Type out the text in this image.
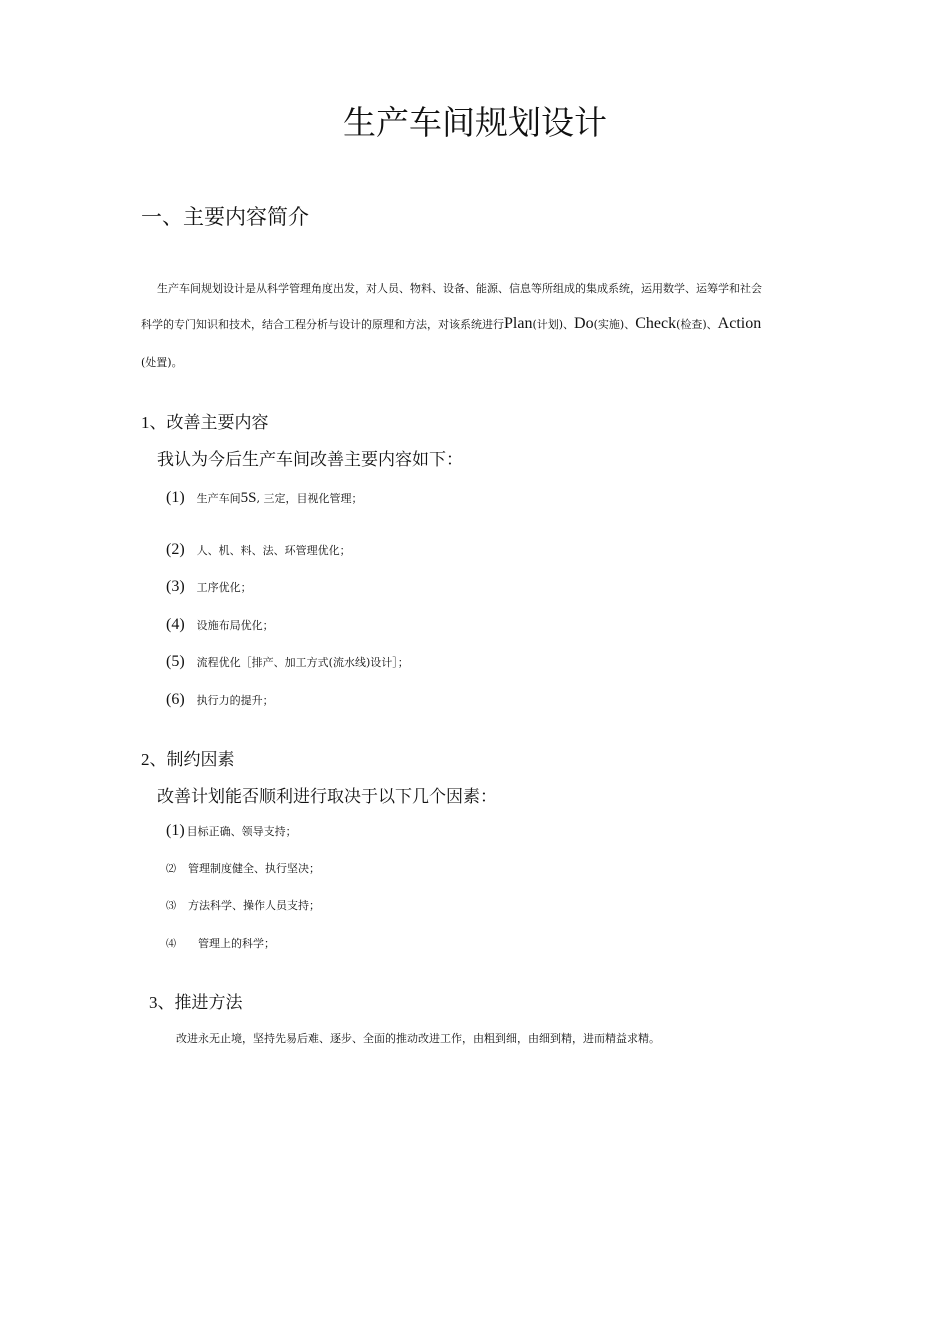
生产车间规划设计
一、主要内容简介
生产车间规划设计是从科学管理角度出发，对人员、物料、设备、能源、信息等所组成的集成系统，运用数学、运筹学和社会
科学的专门知识和技术，结合工程分析与设计的原理和方法，对该系统进行Plan(计划)、Do(实施)、Check(检查)、Action
(处置)。
1、改善主要内容
我认为今后生产车间改善主要内容如下：
(1) 生产车间5S, 三定，目视化管理；
(2) 人、机、料、法、环管理优化；
(3) 工序优化；
(4) 设施布局优化；
(5) 流程优化［排产、加工方式(流水线)设计］；
(6) 执行力的提升；
2、制约因素
改善计划能否顺利进行取决于以下几个因素：
(1) 目标正确、领导支持；
⑵ 管理制度健全、执行坚决；
⑶ 方法科学、操作人员支持；
⑷ 管理上的科学；
3、推进方法
改进永无止境，坚持先易后难、逐步、全面的推动改进工作，由粗到细，由细到精，进而精益求精。
